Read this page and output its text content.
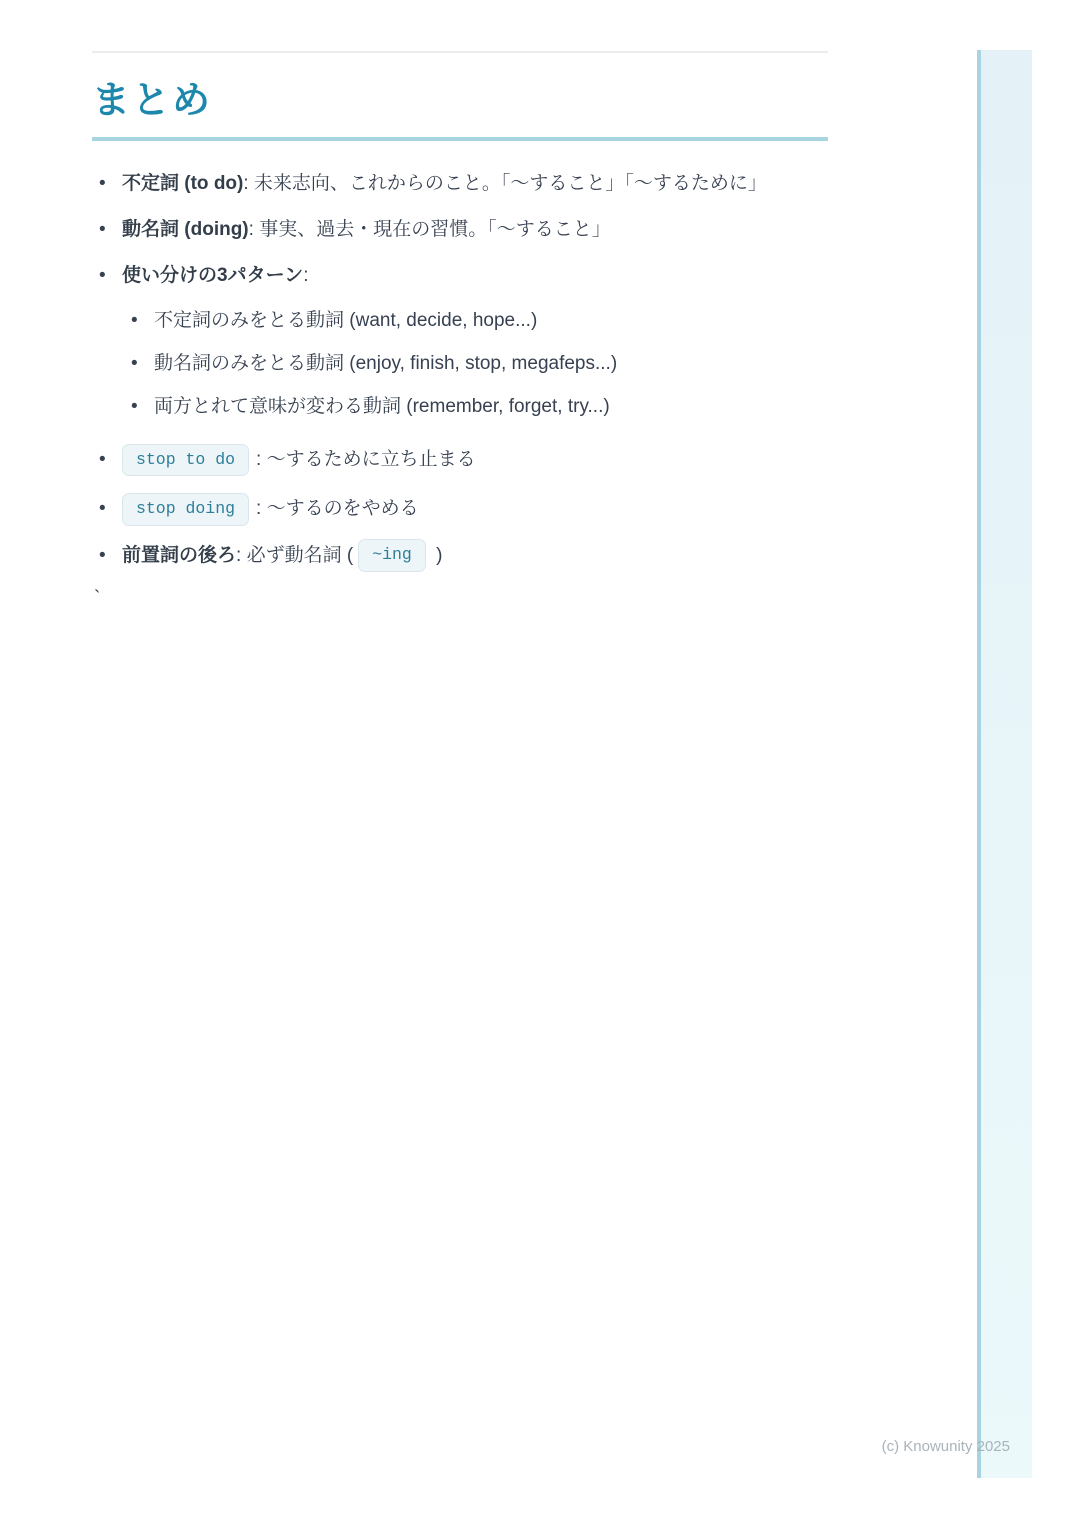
まとめ
• 不定詞 (to do): 未来志向、これからのこと。「〜すること」「〜するために」
• 動名詞 (doing): 事実、過去・現在の習慣。「〜すること」
• 使い分けの3パターン:
• 不定詞のみをとる動詞 (want, decide, hope...)
• 動名詞のみをとる動詞 (enjoy, finish, stop, megafeps...)
• 両方とれて意味が変わる動詞 (remember, forget, try...)
• stop to do : 〜するために立ち止まる
• stop doing : 〜するのをやめる
• 前置詞の後ろ: 必ず動名詞 ( ~ing )
`
(c) Knowunity 2025
